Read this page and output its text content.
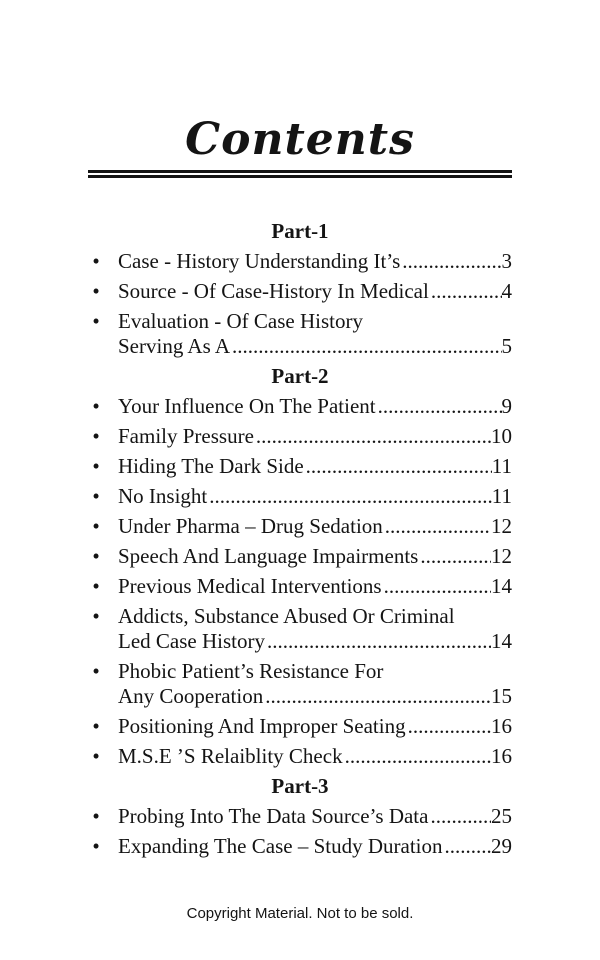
Contents
Part-1
• Case - History Understanding It’s .....	3
• Source - Of Case-History In Medical .....	4
• Evaluation - Of Case History
Serving As A .....	5
Part-2
• Your Influence On The Patient .....	9
• Family Pressure .....	10
• Hiding The Dark Side .....	11
• No Insight .....	11
• Under Pharma – Drug Sedation .....	12
• Speech And Language Impairments .....	12
• Previous Medical Interventions .....	14
• Addicts, Substance Abused Or Criminal
Led Case History .....	14
• Phobic Patient’s Resistance For
Any Cooperation .....	15
• Positioning And Improper Seating .....	16
• M.S.E ’S Relaiblity Check .....	16
Part-3
• Probing Into The Data Source’s Data .....	25
• Expanding The Case – Study Duration ..... 29
Copyright Material. Not to be sold.
